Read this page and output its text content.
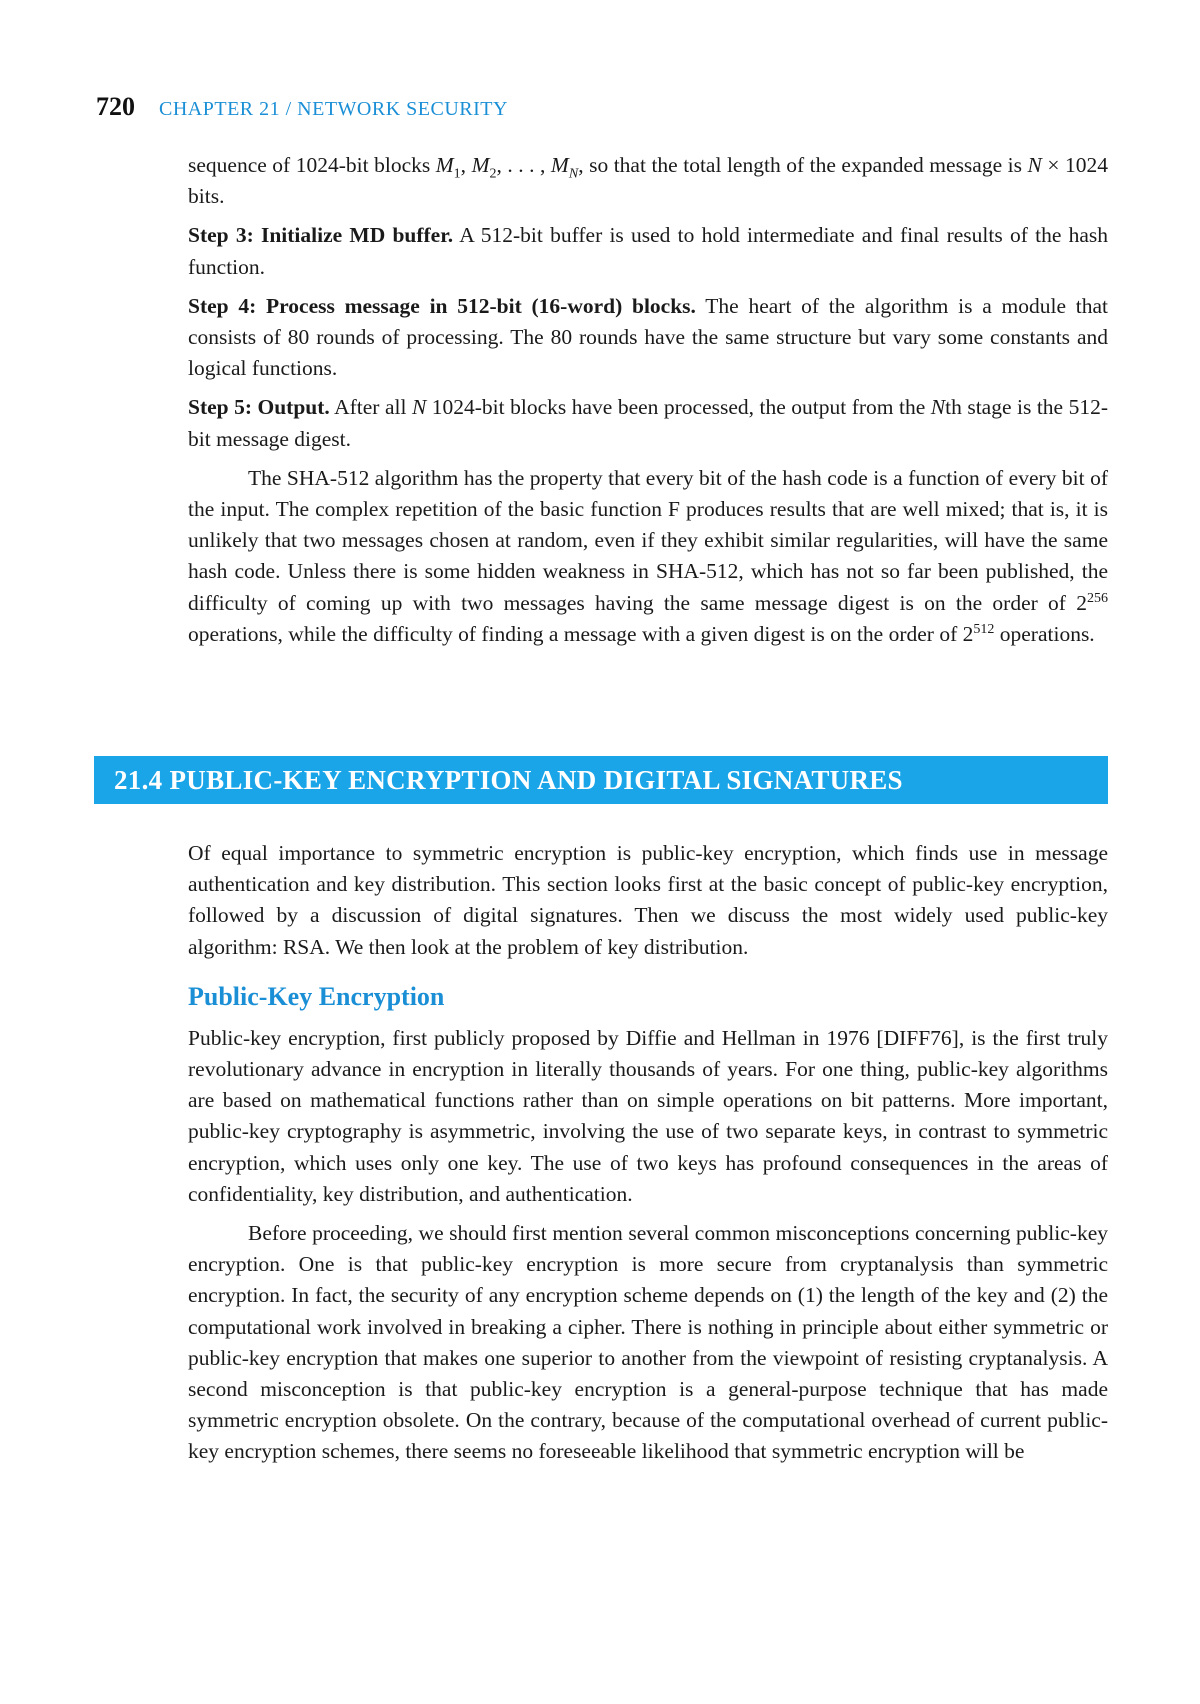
720 CHAPTER 21 / NETWORK SECURITY

sequence of 1024-bit blocks $M_1$, $M_2$, . . . , $M_N$, so that the total length of the expanded message is N × 1024 bits.

Step 3: Initialize MD buffer. A 512-bit buffer is used to hold intermediate and final results of the hash function.

Step 4: Process message in 512-bit (16-word) blocks. The heart of the algorithm is a module that consists of 80 rounds of processing. The 80 rounds have the same structure but vary some constants and logical functions.

Step 5: Output. After all N 1024-bit blocks have been processed, the output from the Nth stage is the 512-bit message digest.

The SHA-512 algorithm has the property that every bit of the hash code is a function of every bit of the input. The complex repetition of the basic function F produces results that are well mixed; that is, it is unlikely that two messages chosen at random, even if they exhibit similar regularities, will have the same hash code. Unless there is some hidden weakness in SHA-512, which has not so far been published, the difficulty of coming up with two messages having the same message digest is on the order of $2^{256}$ operations, while the difficulty of finding a message with a given digest is on the order of $2^{512}$ operations.

21.4 PUBLIC-KEY ENCRYPTION AND DIGITAL SIGNATURES

Of equal importance to symmetric encryption is public-key encryption, which finds use in message authentication and key distribution. This section looks first at the basic concept of public-key encryption, followed by a discussion of digital signatures. Then we discuss the most widely used public-key algorithm: RSA. We then look at the problem of key distribution.

Public-Key Encryption

Public-key encryption, first publicly proposed by Diffie and Hellman in 1976 [DIFF76], is the first truly revolutionary advance in encryption in literally thousands of years. For one thing, public-key algorithms are based on mathematical functions rather than on simple operations on bit patterns. More important, public-key cryptography is asymmetric, involving the use of two separate keys, in contrast to symmetric encryption, which uses only one key. The use of two keys has profound consequences in the areas of confidentiality, key distribution, and authentication.

Before proceeding, we should first mention several common misconceptions concerning public-key encryption. One is that public-key encryption is more secure from cryptanalysis than symmetric encryption. In fact, the security of any encryption scheme depends on (1) the length of the key and (2) the computational work involved in breaking a cipher. There is nothing in principle about either symmetric or public-key encryption that makes one superior to another from the viewpoint of resisting cryptanalysis. A second misconception is that public-key encryption is a general-purpose technique that has made symmetric encryption obsolete. On the contrary, because of the computational overhead of current public-key encryption schemes, there seems no foreseeable likelihood that symmetric encryption will be
